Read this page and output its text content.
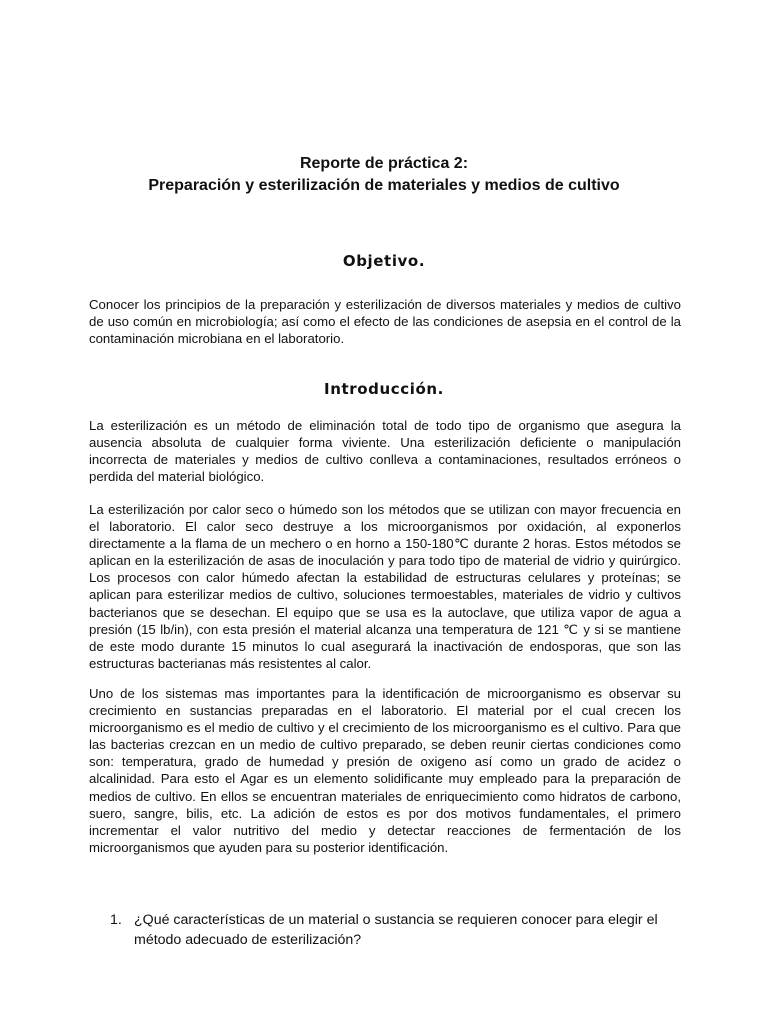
Reporte de práctica 2:
Preparación y esterilización de materiales y medios de cultivo
Objetivo.

Conocer los principios de la preparación y esterilización de diversos materiales y medios de cultivo de uso común en microbiología; así como el efecto de las condiciones de asepsia en el control de la contaminación microbiana en el laboratorio.

Introducción.

La esterilización es un método de eliminación total de todo tipo de organismo que asegura la ausencia absoluta de cualquier forma viviente. Una esterilización deficiente o manipulación incorrecta de materiales y medios de cultivo conlleva a contaminaciones, resultados erróneos o perdida del material biológico.

La esterilización por calor seco o húmedo son los métodos que se utilizan con mayor frecuencia en el laboratorio. El calor seco destruye a los microorganismos por oxidación, al exponerlos directamente a la flama de un mechero o en horno a 150-180℃ durante 2 horas. Estos métodos se aplican en la esterilización de asas de inoculación y para todo tipo de material de vidrio y quirúrgico. Los procesos con calor húmedo afectan la estabilidad de estructuras celulares y proteínas; se aplican para esterilizar medios de cultivo, soluciones termoestables, materiales de vidrio y cultivos bacterianos que se desechan. El equipo que se usa es la autoclave, que utiliza vapor de agua a presión (15 lb/in), con esta presión el material alcanza una temperatura de 121 ℃ y si se mantiene de este modo durante 15 minutos lo cual asegurará la inactivación de endosporas, que son las estructuras bacterianas más resistentes al calor.

Uno de los sistemas mas importantes para la identificación de microorganismo es observar su crecimiento en sustancias preparadas en el laboratorio. El material por el cual crecen los microorganismo es el medio de cultivo y el crecimiento de los microorganismo es el cultivo. Para que las bacterias crezcan en un medio de cultivo preparado, se deben reunir ciertas condiciones como son: temperatura, grado de humedad y presión de oxigeno así como un grado de acidez o alcalinidad. Para esto el Agar es un elemento solidificante muy empleado para la preparación de medios de cultivo. En ellos se encuentran materiales de enriquecimiento como hidratos de carbono, suero, sangre, bilis, etc. La adición de estos es por dos motivos fundamentales, el primero incrementar el valor nutritivo del medio y detectar reacciones de fermentación de los microorganismos que ayuden para su posterior identificación.

1. ¿Qué características de un material o sustancia se requieren conocer para elegir el método adecuado de esterilización?
